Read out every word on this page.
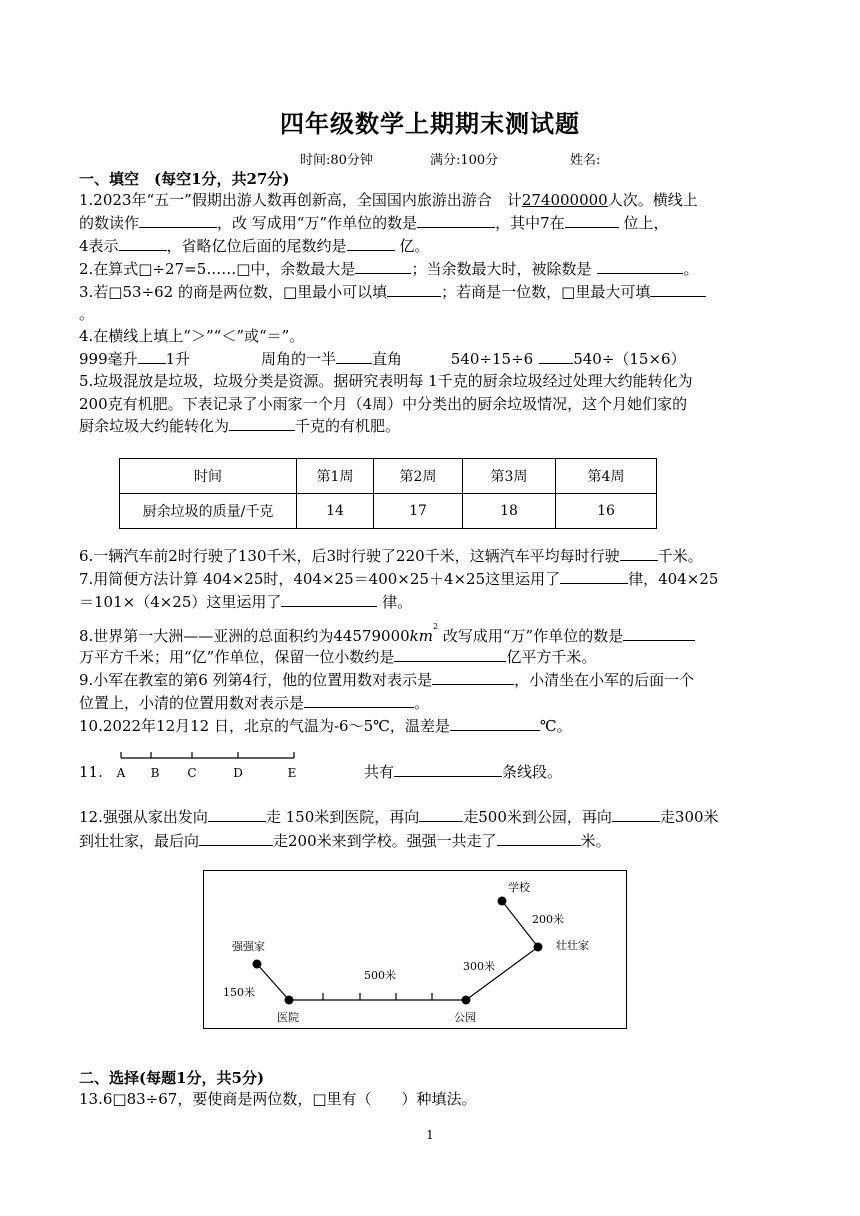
四年级数学上期期末测试题
时间:80分钟	满分:100分	姓名:
一、填空　(每空1分，共27分)
1.2023年“五一”假期出游人数再创新高，全国国内旅游出游合　计274000000人次。横线上
的数读作	，改 写成用“万”作单位的数是	，其中7在	位上，
4表示	，省略亿位后面的尾数约是	亿。
2.在算式□÷27=5……□中，余数最大是	；当余数最大时，被除数是	。
3.若□53÷62 的商是两位数，□里最小可以填	；若商是一位数，□里最大可填
。
4.在横线上填上“＞”“＜”或“＝”。
999毫升 1升	周角的一半 直角	540÷15÷6	540÷（15×6）
5.垃圾混放是垃圾，垃圾分类是资源。据研究表明每 1千克的厨余垃圾经过处理大约能转化为
200克有机肥。下表记录了小雨家一个月（4周）中分类出的厨余垃圾情况，这个月她们家的
厨余垃圾大约能转化为	千克的有机肥。
时间	第1周	第2周	第3周	第4周
厨余垃圾的质量/千克	14	17	18	16
6.一辆汽车前2时行驶了130千米，后3时行驶了220千米，这辆汽车平均每时行驶	千米。
7.用简便方法计算 404×25时，404×25＝400×25＋4×25这里运用了	律，404×25
＝101×（4×25）这里运用了	律。
8.世界第一大洲——亚洲的总面积约为$44579000km^2$ 改写成用“万”作单位的数是
万平方千米；用“亿”作单位，保留一位小数约是	亿平方千米。
9.小军在教室的第6 列第4行，他的位置用数对表示是	，小清坐在小军的后面一个
位置上，小清的位置用数对表示是	。
10.2022年12月12 日，北京的气温为-6～5℃，温差是	℃。
11. A B C	D	E	共有	条线段。
12.强强从家出发向	走 150米到医院，再向	走500米到公园，再向	走300米
到壮壮家，最后向	走200米来到学校。强强一共走了	米。
强强家
医院	公园
壮壮家
学校
150米
500米
300米
200米
二、选择(每题1分，共5分)
13.6□83÷67，要使商是两位数，□里有（　　）种填法。
1
